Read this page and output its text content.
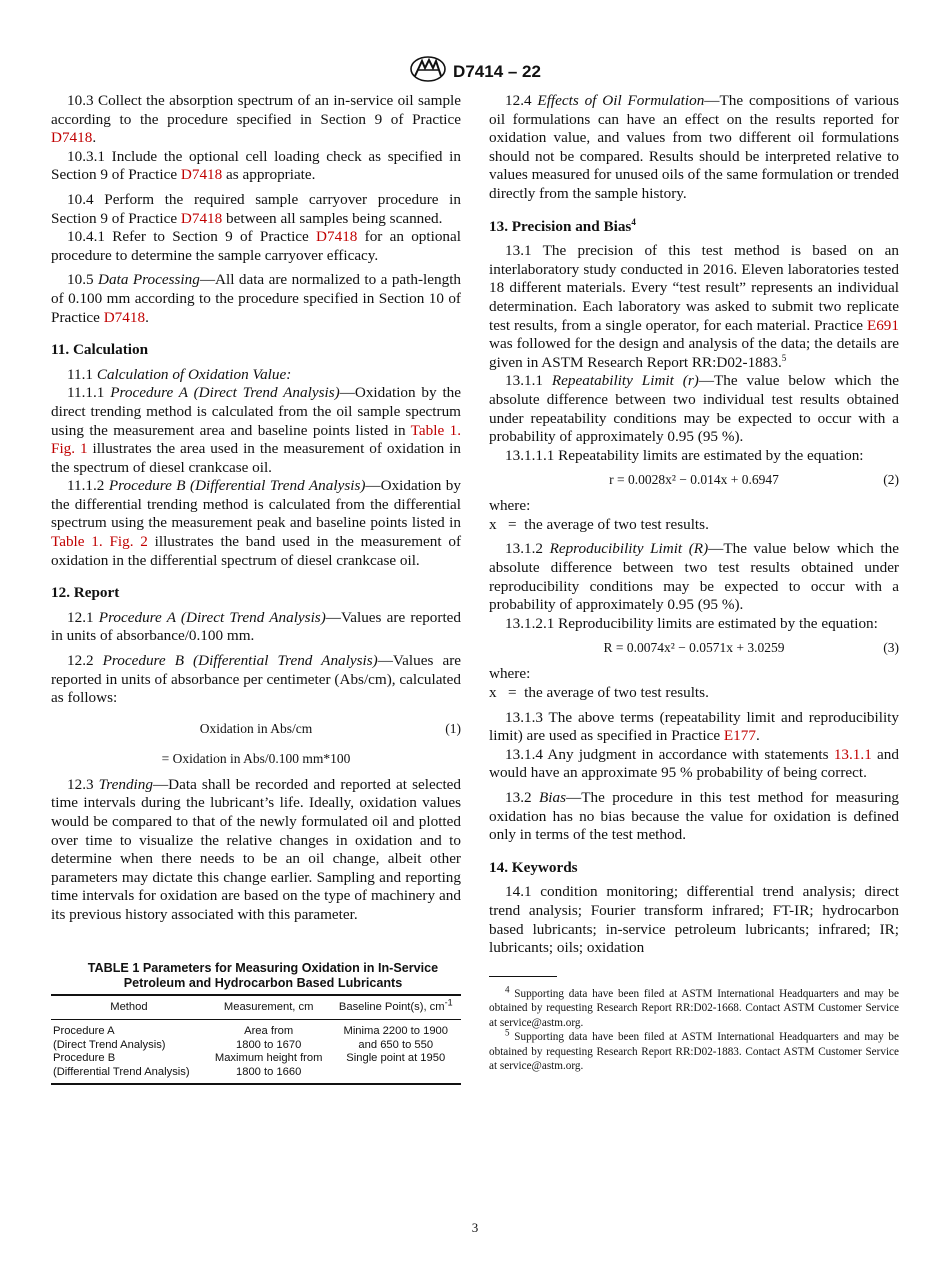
D7414 – 22

10.3 Collect the absorption spectrum of an in-service oil sample according to the procedure specified in Section 9 of Practice D7418.

10.3.1 Include the optional cell loading check as specified in Section 9 of Practice D7418 as appropriate.

10.4 Perform the required sample carryover procedure in Section 9 of Practice D7418 between all samples being scanned.

10.4.1 Refer to Section 9 of Practice D7418 for an optional procedure to determine the sample carryover efficacy.

10.5 Data Processing—All data are normalized to a path-length of 0.100 mm according to the procedure specified in Section 10 of Practice D7418.

11. Calculation

11.1 Calculation of Oxidation Value:

11.1.1 Procedure A (Direct Trend Analysis)—Oxidation by the direct trending method is calculated from the oil sample spectrum using the measurement area and baseline points listed in Table 1. Fig. 1 illustrates the area used in the measurement of oxidation in the spectrum of diesel crankcase oil.

11.1.2 Procedure B (Differential Trend Analysis)—Oxidation by the differential trending method is calculated from the differential spectrum using the measurement peak and baseline points listed in Table 1. Fig. 2 illustrates the band used in the measurement of oxidation in the differential spectrum of diesel crankcase oil.

12. Report

12.1 Procedure A (Direct Trend Analysis)—Values are reported in units of absorbance/0.100 mm.

12.2 Procedure B (Differential Trend Analysis)—Values are reported in units of absorbance per centimeter (Abs/cm), calculated as follows:

Oxidation in Abs/cm	(1)
= Oxidation in Abs/0.100 mm*100

12.3 Trending—Data shall be recorded and reported at selected time intervals during the lubricant’s life. Ideally, oxidation values would be compared to that of the newly formulated oil and plotted over time to visualize the relative changes in oxidation and to determine when there needs to be an oil change, albeit other parameters may dictate this change earlier. Sampling and reporting time intervals for oxidation are based on the type of machinery and its previous history associated with this parameter.

TABLE 1 Parameters for Measuring Oxidation in In-Service
Petroleum and Hydrocarbon Based Lubricants
Method	Measurement, cm	Baseline Point(s), $cm^{-1}$
Procedure A	Area from	Minima 2200 to 1900
(Direct Trend Analysis)	1800 to 1670	and 650 to 550
Procedure B	Maximum height from	Single point at 1950
(Differential Trend Analysis)	1800 to 1660	

12.4 Effects of Oil Formulation—The compositions of various oil formulations can have an effect on the results reported for oxidation value, and values from two different oil formulations should not be compared. Results should be interpreted relative to values measured for unused oils of the same formulation or trended directly from the sample history.

13. Precision and Bias$^4$

13.1 The precision of this test method is based on an interlaboratory study conducted in 2016. Eleven laboratories tested 18 different materials. Every “test result” represents an individual determination. Each laboratory was asked to submit two replicate test results, from a single operator, for each material. Practice E691 was followed for the design and analysis of the data; the details are given in ASTM Research Report RR:D02-1883.$^5$

13.1.1 Repeatability Limit (r)—The value below which the absolute difference between two individual test results obtained under repeatability conditions may be expected to occur with a probability of approximately 0.95 (95 %).

13.1.1.1 Repeatability limits are estimated by the equation:

r = 0.0028x² − 0.014x + 0.6947	(2)

where:

x   =  the average of two test results.

13.1.2 Reproducibility Limit (R)—The value below which the absolute difference between two test results obtained under reproducibility conditions may be expected to occur with a probability of approximately 0.95 (95 %).

13.1.2.1 Reproducibility limits are estimated by the equation:

R = 0.0074x² − 0.0571x + 3.0259	(3)

where:

x   =  the average of two test results.

13.1.3 The above terms (repeatability limit and reproducibility limit) are used as specified in Practice E177.

13.1.4 Any judgment in accordance with statements 13.1.1 and would have an approximate 95 % probability of being correct.

13.2 Bias—The procedure in this test method for measuring oxidation has no bias because the value for oxidation is defined only in terms of the test method.

14. Keywords

14.1 condition monitoring; differential trend analysis; direct trend analysis; Fourier transform infrared; FT-IR; hydrocarbon based lubricants; in-service petroleum lubricants; infrared; IR; lubricants; oils; oxidation

$^4$ Supporting data have been filed at ASTM International Headquarters and may be obtained by requesting Research Report RR:D02-1668. Contact ASTM Customer Service at service@astm.org.

$^5$ Supporting data have been filed at ASTM International Headquarters and may be obtained by requesting Research Report RR:D02-1883. Contact ASTM Customer Service at service@astm.org.

3
